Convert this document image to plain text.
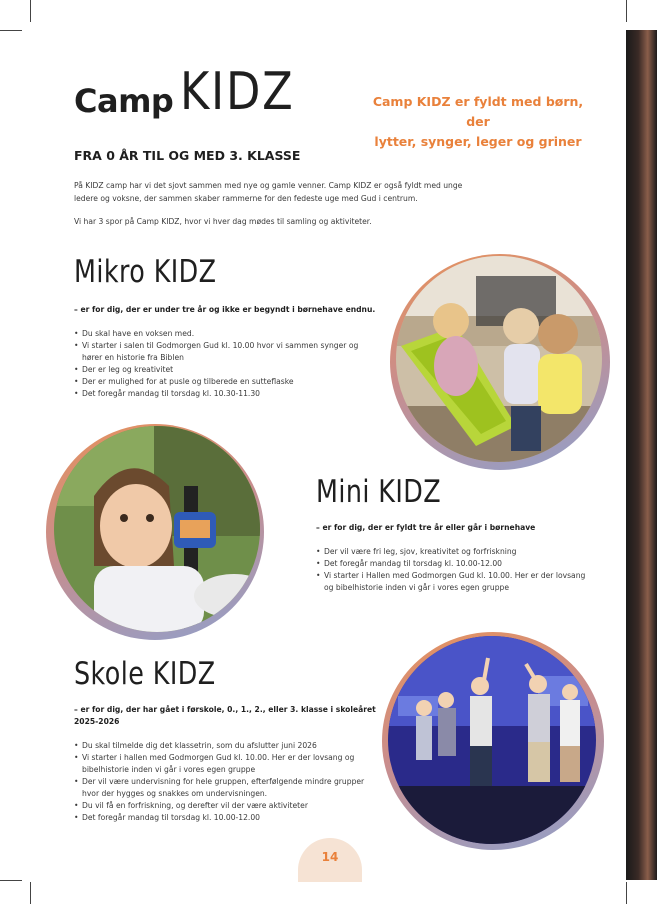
Camp KIDZ	Camp KIDZ er fyldt med børn, der
lytter, synger, leger og griner
FRA 0 ÅR TIL OG MED 3. KLASSE
På KIDZ camp har vi det sjovt sammen med nye og gamle venner. Camp KIDZ er også fyldt med unge
ledere og voksne, der sammen skaber rammerne for den fedeste uge med Gud i centrum.
Vi har 3 spor på Camp KIDZ, hvor vi hver dag mødes til samling og aktiviteter.
Mikro KIDZ
– er for dig, der er under tre år og ikke er begyndt i børnehave endnu.
• Du skal have en voksen med.
• Vi starter i salen til Godmorgen Gud kl. 10.00 hvor vi sammen synger og
hører en historie fra Biblen
• Der er leg og kreativitet
• Der er mulighed for at pusle og tilberede en sutteflaske
• Det foregår mandag til torsdag kl. 10.30-11.30
Mini KIDZ
– er for dig, der er fyldt tre år eller går i børnehave
• Der vil være fri leg, sjov, kreativitet og forfriskning
• Det foregår mandag til torsdag kl. 10.00-12.00
• Vi starter i Hallen med Godmorgen Gud kl. 10.00. Her er der lovsang
og bibelhistorie inden vi går i vores egen gruppe
Skole KIDZ
– er for dig, der har gået i førskole, 0., 1., 2., eller 3. klasse i skoleåret
2025-2026
• Du skal tilmelde dig det klassetrin, som du afslutter juni 2026
• Vi starter i hallen med Godmorgen Gud kl. 10.00. Her er der lovsang og
bibelhistorie inden vi går i vores egen gruppe
• Der vil være undervisning for hele gruppen, efterfølgende mindre grupper
hvor der hygges og snakkes om undervisningen.
• Du vil få en forfriskning, og derefter vil der være aktiviteter
• Det foregår mandag til torsdag kl. 10.00-12.00
14
